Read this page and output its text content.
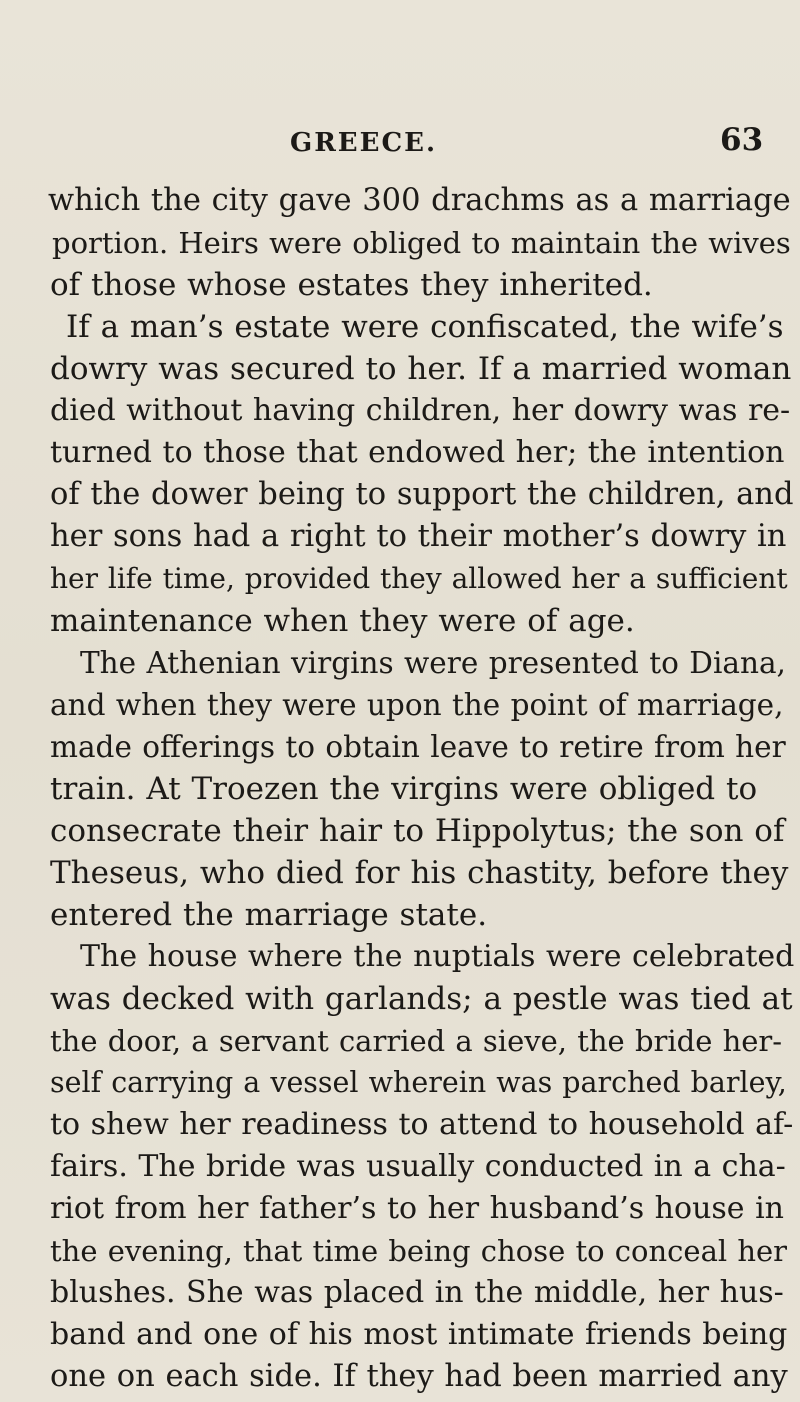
GREECE.	63
which the city gave 300 drachms as a marriage
portion. Heirs were obliged to maintain the wives
of those whose estates they inherited.
If a man’s estate were confiscated, the wife’s
dowry was secured to her. If a married woman
died without having children, her dowry was re-
turned to those that endowed her; the intention
of the dower being to support the children, and
her sons had a right to their mother’s dowry in
her life time, provided they allowed her a sufficient
maintenance when they were of age.
The Athenian virgins were presented to Diana,
and when they were upon the point of marriage,
made offerings to obtain leave to retire from her
train. At Troezen the virgins were obliged to
consecrate their hair to Hippolytus; the son of
Theseus, who died for his chastity, before they
entered the marriage state.
The house where the nuptials were celebrated
was decked with garlands; a pestle was tied at
the door, a servant carried a sieve, the bride her-
self carrying a vessel wherein was parched barley,
to shew her readiness to attend to household af-
fairs. The bride was usually conducted in a cha-
riot from her father’s to her husband’s house in
the evening, that time being chose to conceal her
blushes. She was placed in the middle, her hus-
band and one of his most intimate friends being
one on each side. If they had been married any
